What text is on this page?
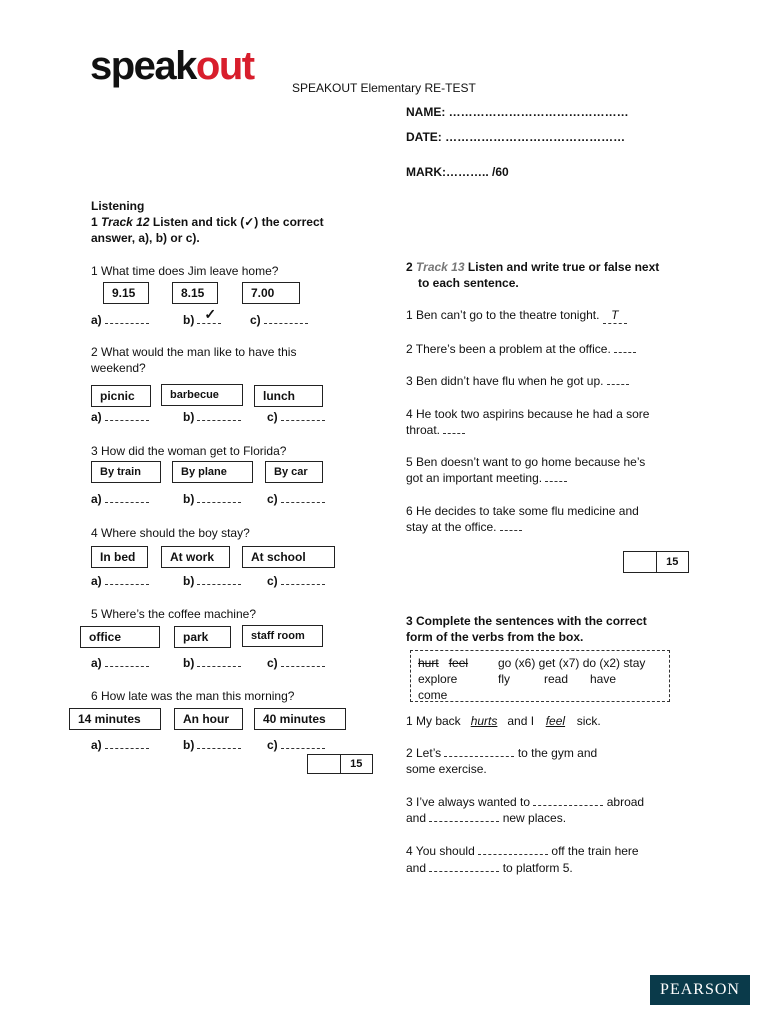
speakout	SPEAKOUT Elementary RE-TEST
NAME: ………………………………………
DATE: ………………………………………
MARK:……….. /60
Listening
1 Track 12 Listen and tick (✓) the correct
answer, a), b) or c).
1 What time does Jim leave home?
9.15	8.15	7.00
a)	b) ✓	c)
2 What would the man like to have this
weekend?
picnic	barbecue	lunch
a)	b)	c)
3 How did the woman get to Florida?
By train	By plane	By car
a)	b)	c)
4 Where should the boy stay?
In bed	At work	At school
a)	b)	c)
5 Where’s the coffee machine?
office	park	staff room
a)	b)	c)
6 How late was the man this morning?
14 minutes	An hour	40 minutes
a)	b)	c)
15
2 Track 13 Listen and write true or false next
to each sentence.
1 Ben can’t go to the theatre tonight. T
2 There’s been a problem at the office.
3 Ben didn’t have flu when he got up.
4 He took two aspirins because he had a sore
throat.
5 Ben doesn’t want to go home because he’s
got an important meeting.
6 He decides to take some flu medicine and
stay at the office.
15
3 Complete the sentences with the correct
form of the verbs from the box.
hurt feel go (x6) get (x7) do (x2) stay
explore	fly	read have
come
1 My back hurts and I feel sick.
2 Let’s	to the gym and
some exercise.
3 I’ve always wanted to	abroad
and	new places.
4 You should	off the train here
and	to platform 5.
PEARSON
